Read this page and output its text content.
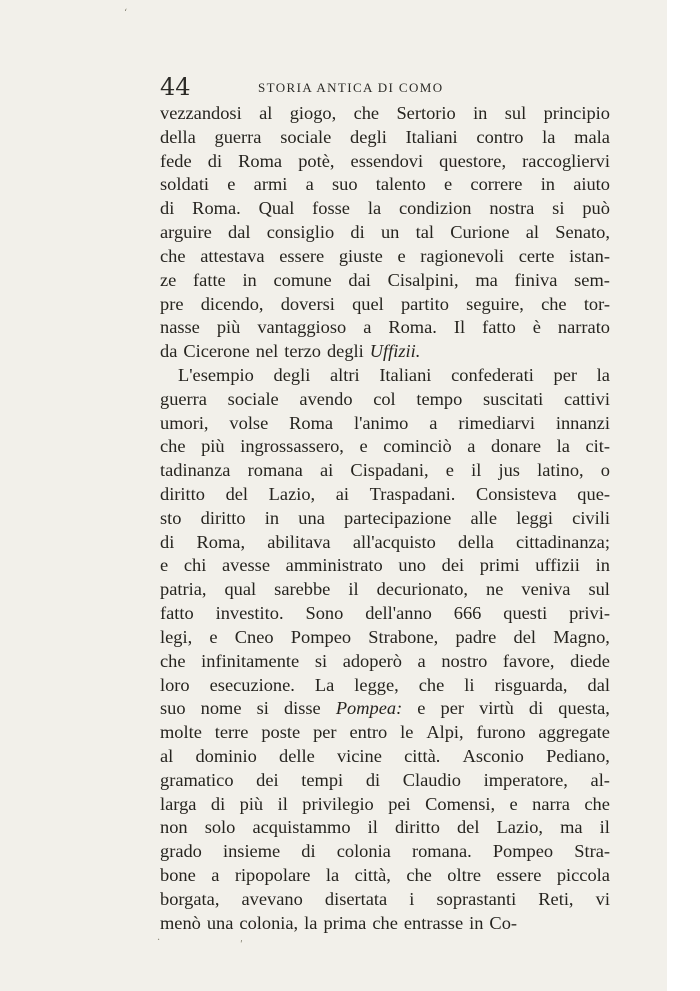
ʻ
ʹ
·
44	STORIA ANTICA DI COMO
vezzandosi al giogo, che Sertorio in sul principio
della guerra sociale degli Italiani contro la mala
fede di Roma potè, essendovi questore, raccogliervi
soldati e armi a suo talento e correre in aiuto
di Roma. Qual fosse la condizion nostra si può
arguire dal consiglio di un tal Curione al Senato,
che attestava essere giuste e ragionevoli certe istan-
ze fatte in comune dai Cisalpini, ma finiva sem-
pre dicendo, doversi quel partito seguire, che tor-
nasse più vantaggioso a Roma. Il fatto è narrato
da Cicerone nel terzo degli Uffizii.
L'esempio degli altri Italiani confederati per la
guerra sociale avendo col tempo suscitati cattivi
umori, volse Roma l'animo a rimediarvi innanzi
che più ingrossassero, e cominciò a donare la cit-
tadinanza romana ai Cispadani, e il jus latino, o
diritto del Lazio, ai Traspadani. Consisteva que-
sto diritto in una partecipazione alle leggi civili
di Roma, abilitava all'acquisto della cittadinanza;
e chi avesse amministrato uno dei primi uffizii in
patria, qual sarebbe il decurionato, ne veniva sul
fatto investito. Sono dell'anno 666 questi privi-
legi, e Cneo Pompeo Strabone, padre del Magno,
che infinitamente si adoperò a nostro favore, diede
loro esecuzione. La legge, che li risguarda, dal
suo nome si disse Pompea: e per virtù di questa,
molte terre poste per entro le Alpi, furono aggregate
al dominio delle vicine città. Asconio Pediano,
gramatico dei tempi di Claudio imperatore, al-
larga di più il privilegio pei Comensi, e narra che
non solo acquistammo il diritto del Lazio, ma il
grado insieme di colonia romana. Pompeo Stra-
bone a ripopolare la città, che oltre essere piccola
borgata, avevano disertata i soprastanti Reti, vi
menò una colonia, la prima che entrasse in Co-
